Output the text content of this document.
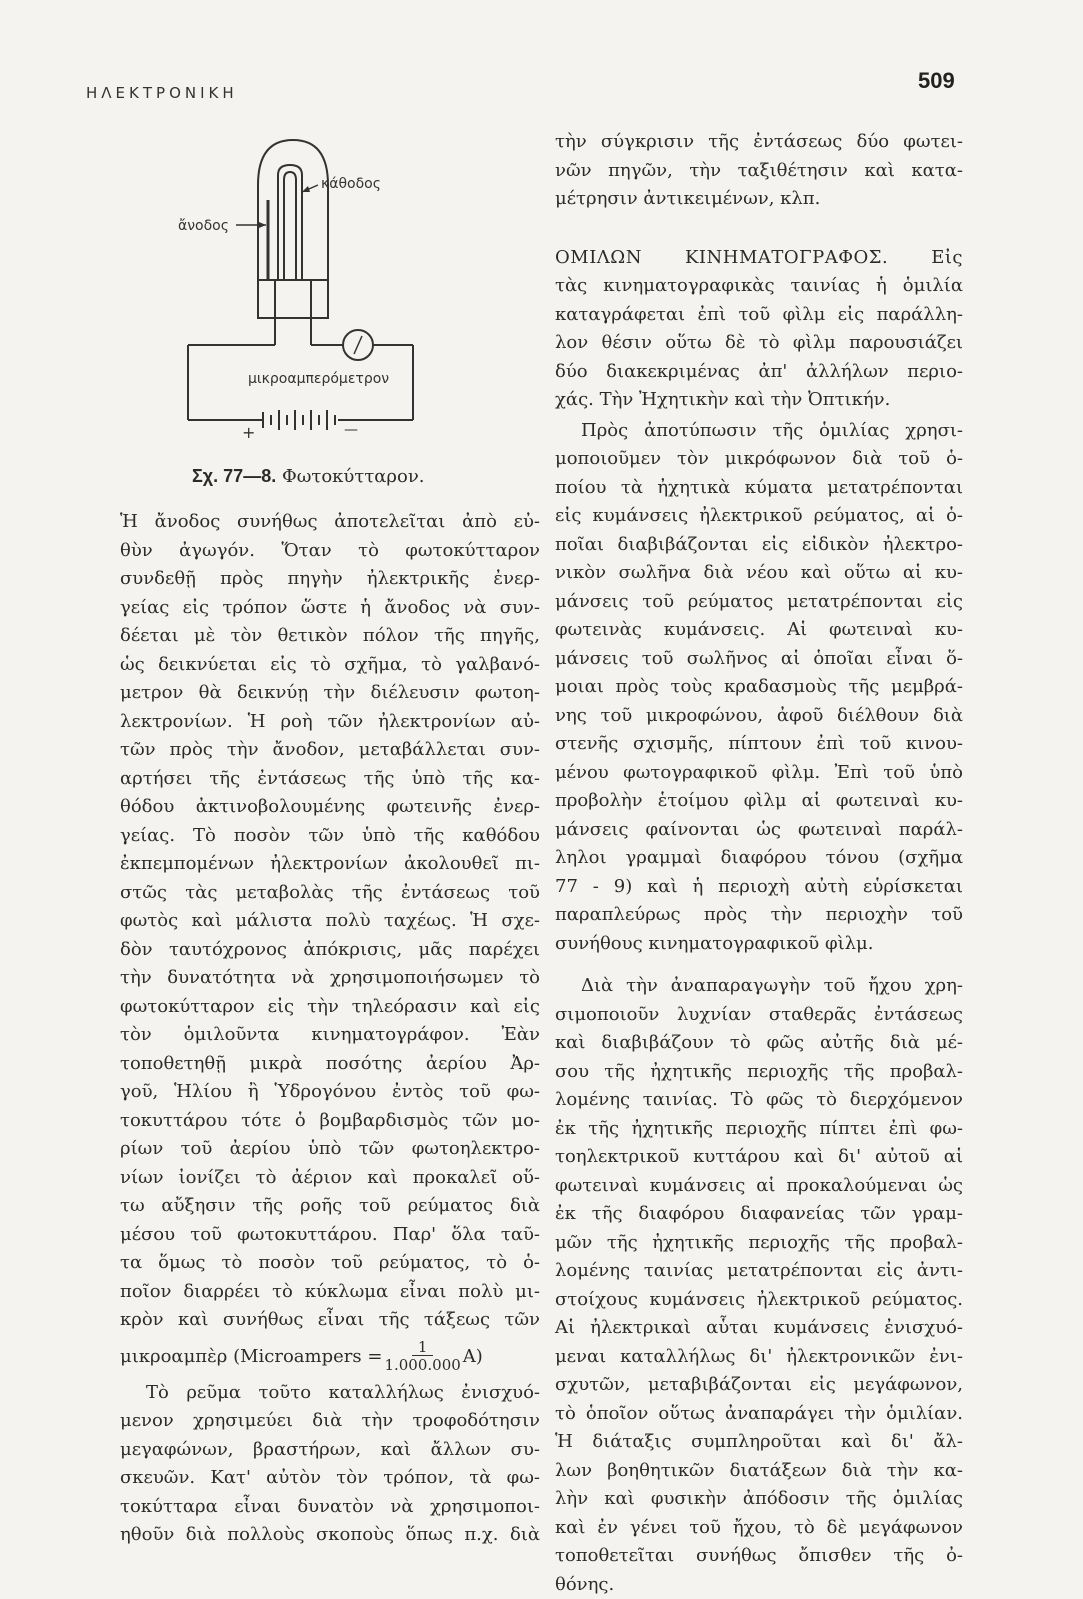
ΗΛΕΚΤΡΟΝΙΚΗ	509
κάθοδος
ἄνοδος
μικροαμπερόμετρον
+	—
Σχ. 77—8. Φωτοκύτταρον.
Ἡ ἄνοδος συνήθως ἀποτελεῖται ἀπὸ εὐ-
θὺν ἀγωγόν. Ὅταν τὸ φωτοκύτταρον
συνδεθῇ πρὸς πηγὴν ἠλεκτρικῆς ἐνερ-
γείας εἰς τρόπον ὥστε ἡ ἄνοδος νὰ συν-
δέεται μὲ τὸν θετικὸν πόλον τῆς πηγῆς,
ὡς δεικνύεται εἰς τὸ σχῆμα, τὸ γαλβανό-
μετρον θὰ δεικνύῃ τὴν διέλευσιν φωτοη-
λεκτρονίων. Ἡ ροὴ τῶν ἠλεκτρονίων αὐ-
τῶν πρὸς τὴν ἄνοδον, μεταβάλλεται συν-
αρτήσει τῆς ἐντάσεως τῆς ὑπὸ τῆς κα-
θόδου ἀκτινοβολουμένης φωτεινῆς ἐνερ-
γείας. Τὸ ποσὸν τῶν ὑπὸ τῆς καθόδου
ἐκπεμπομένων ἠλεκτρονίων ἀκολουθεῖ πι-
στῶς τὰς μεταβολὰς τῆς ἐντάσεως τοῦ
φωτὸς καὶ μάλιστα πολὺ ταχέως. Ἡ σχε-
δὸν ταυτόχρονος ἀπόκρισις, μᾶς παρέχει
τὴν δυνατότητα νὰ χρησιμοποιήσωμεν τὸ
φωτοκύτταρον εἰς τὴν τηλεόρασιν καὶ εἰς
τὸν ὁμιλοῦντα κινηματογράφον. Ἐὰν
τοποθετηθῇ μικρὰ ποσότης ἀερίου Ἀρ-
γοῦ, Ἡλίου ἢ Ὑδρογόνου ἐντὸς τοῦ φω-
τοκυττάρου τότε ὁ βομβαρδισμὸς τῶν μο-
ρίων τοῦ ἀερίου ὑπὸ τῶν φωτοηλεκτρο-
νίων ἰονίζει τὸ ἀέριον καὶ προκαλεῖ οὕ-
τω αὔξησιν τῆς ροῆς τοῦ ρεύματος διὰ
μέσου τοῦ φωτοκυττάρου. Παρ' ὅλα ταῦ-
τα ὅμως τὸ ποσὸν τοῦ ρεύματος, τὸ ὁ-
ποῖον διαρρέει τὸ κύκλωμα εἶναι πολὺ μι-
κρὸν καὶ συνήθως εἶναι τῆς τάξεως τῶν
μικροαμπὲρ (Microampers = $\frac{1}{1.000.000} A$)
Τὸ ρεῦμα τοῦτο καταλλήλως ἐνισχυό-
μενον χρησιμεύει διὰ τὴν τροφοδότησιν
μεγαφώνων, βραστήρων, καὶ ἄλλων συ-
σκευῶν. Κατ' αὐτὸν τὸν τρόπον, τὰ φω-
τοκύτταρα εἶναι δυνατὸν νὰ χρησιμοποι-
ηθοῦν διὰ πολλοὺς σκοποὺς ὅπως π.χ. διὰ
τὴν σύγκρισιν τῆς ἐντάσεως δύο φωτει-
νῶν πηγῶν, τὴν ταξιθέτησιν καὶ κατα-
μέτρησιν ἀντικειμένων, κλπ.
ΟΜΙΛΩΝ ΚΙΝΗΜΑΤΟΓΡΑΦΟΣ. Εἰς
τὰς κινηματογραφικὰς ταινίας ἡ ὁμιλία
καταγράφεται ἐπὶ τοῦ φὶλμ εἰς παράλλη-
λον θέσιν οὕτω δὲ τὸ φὶλμ παρουσιάζει
δύο διακεκριμένας ἀπ' ἀλλήλων περιο-
χάς. Τὴν Ἠχητικὴν καὶ τὴν Ὀπτικήν.
Πρὸς ἀποτύπωσιν τῆς ὁμιλίας χρησι-
μοποιοῦμεν τὸν μικρόφωνον διὰ τοῦ ὁ-
ποίου τὰ ἠχητικὰ κύματα μετατρέπονται
εἰς κυμάνσεις ἠλεκτρικοῦ ρεύματος, αἱ ὁ-
ποῖαι διαβιβάζονται εἰς εἰδικὸν ἠλεκτρο-
νικὸν σωλῆνα διὰ νέου καὶ οὕτω αἱ κυ-
μάνσεις τοῦ ρεύματος μετατρέπονται εἰς
φωτεινὰς κυμάνσεις. Αἱ φωτειναὶ κυ-
μάνσεις τοῦ σωλῆνος αἱ ὁποῖαι εἶναι ὅ-
μοιαι πρὸς τοὺς κραδασμοὺς τῆς μεμβρά-
νης τοῦ μικροφώνου, ἀφοῦ διέλθουν διὰ
στενῆς σχισμῆς, πίπτουν ἐπὶ τοῦ κινου-
μένου φωτογραφικοῦ φὶλμ. Ἐπὶ τοῦ ὑπὸ
προβολὴν ἑτοίμου φὶλμ αἱ φωτειναὶ κυ-
μάνσεις φαίνονται ὡς φωτειναὶ παράλ-
ληλοι γραμμαὶ διαφόρου τόνου (σχῆμα
77 - 9) καὶ ἡ περιοχὴ αὐτὴ εὑρίσκεται
παραπλεύρως πρὸς τὴν περιοχὴν τοῦ
συνήθους κινηματογραφικοῦ φὶλμ.
Διὰ τὴν ἀναπαραγωγὴν τοῦ ἤχου χρη-
σιμοποιοῦν λυχνίαν σταθερᾶς ἐντάσεως
καὶ διαβιβάζουν τὸ φῶς αὐτῆς διὰ μέ-
σου τῆς ἠχητικῆς περιοχῆς τῆς προβαλ-
λομένης ταινίας. Τὸ φῶς τὸ διερχόμενον
ἐκ τῆς ἠχητικῆς περιοχῆς πίπτει ἐπὶ φω-
τοηλεκτρικοῦ κυττάρου καὶ δι' αὐτοῦ αἱ
φωτειναὶ κυμάνσεις αἱ προκαλούμεναι ὡς
ἐκ τῆς διαφόρου διαφανείας τῶν γραμ-
μῶν τῆς ἠχητικῆς περιοχῆς τῆς προβαλ-
λομένης ταινίας μετατρέπονται εἰς ἀντι-
στοίχους κυμάνσεις ἠλεκτρικοῦ ρεύματος.
Αἱ ἠλεκτρικαὶ αὗται κυμάνσεις ἐνισχυό-
μεναι καταλλήλως δι' ἠλεκτρονικῶν ἐνι-
σχυτῶν, μεταβιβάζονται εἰς μεγάφωνον,
τὸ ὁποῖον οὕτως ἀναπαράγει τὴν ὁμιλίαν.
Ἡ διάταξις συμπληροῦται καὶ δι' ἄλ-
λων βοηθητικῶν διατάξεων διὰ τὴν κα-
λὴν καὶ φυσικὴν ἀπόδοσιν τῆς ὁμιλίας
καὶ ἐν γένει τοῦ ἤχου, τὸ δὲ μεγάφωνον
τοποθετεῖται συνήθως ὄπισθεν τῆς ὀ-
θόνης.
